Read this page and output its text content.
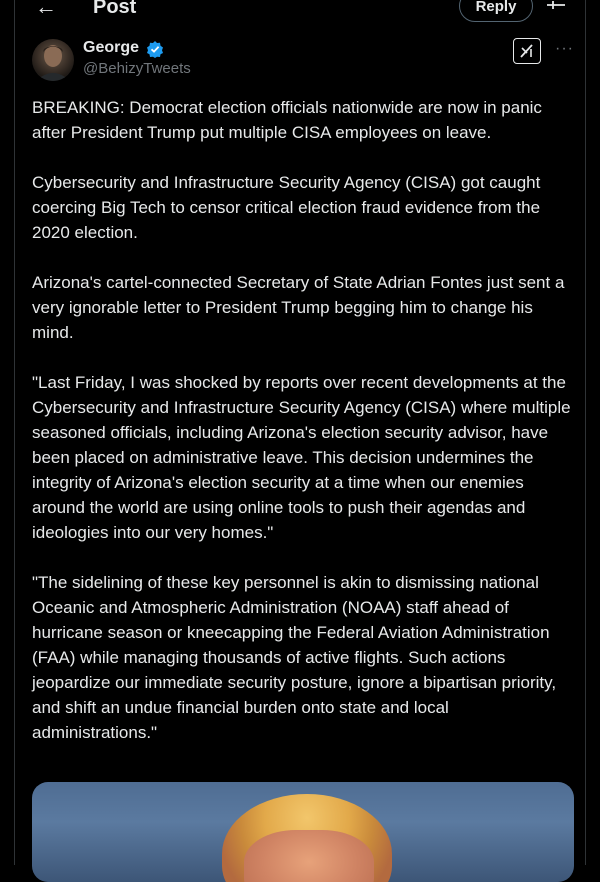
← Post	Reply
George
@BehizyTweets
···

BREAKING: Democrat election officials nationwide are now in panic after President Trump put multiple CISA employees on leave.

Cybersecurity and Infrastructure Security Agency (CISA) got caught coercing Big Tech to censor critical election fraud evidence from the 2020 election.

Arizona's cartel-connected Secretary of State Adrian Fontes just sent a very ignorable letter to President Trump begging him to change his mind.

"Last Friday, I was shocked by reports over recent developments at the Cybersecurity and Infrastructure Security Agency (CISA) where multiple seasoned officials, including Arizona's election security advisor, have been placed on administrative leave. This decision undermines the integrity of Arizona's election security at a time when our enemies around the world are using online tools to push their agendas and ideologies into our very homes."

"The sidelining of these key personnel is akin to dismissing national Oceanic and Atmospheric Administration (NOAA) staff ahead of hurricane season or kneecapping the Federal Aviation Administration (FAA) while managing thousands of active flights. Such actions jeopardize our immediate security posture, ignore a bipartisan priority, and shift an undue financial burden onto state and local administrations."
